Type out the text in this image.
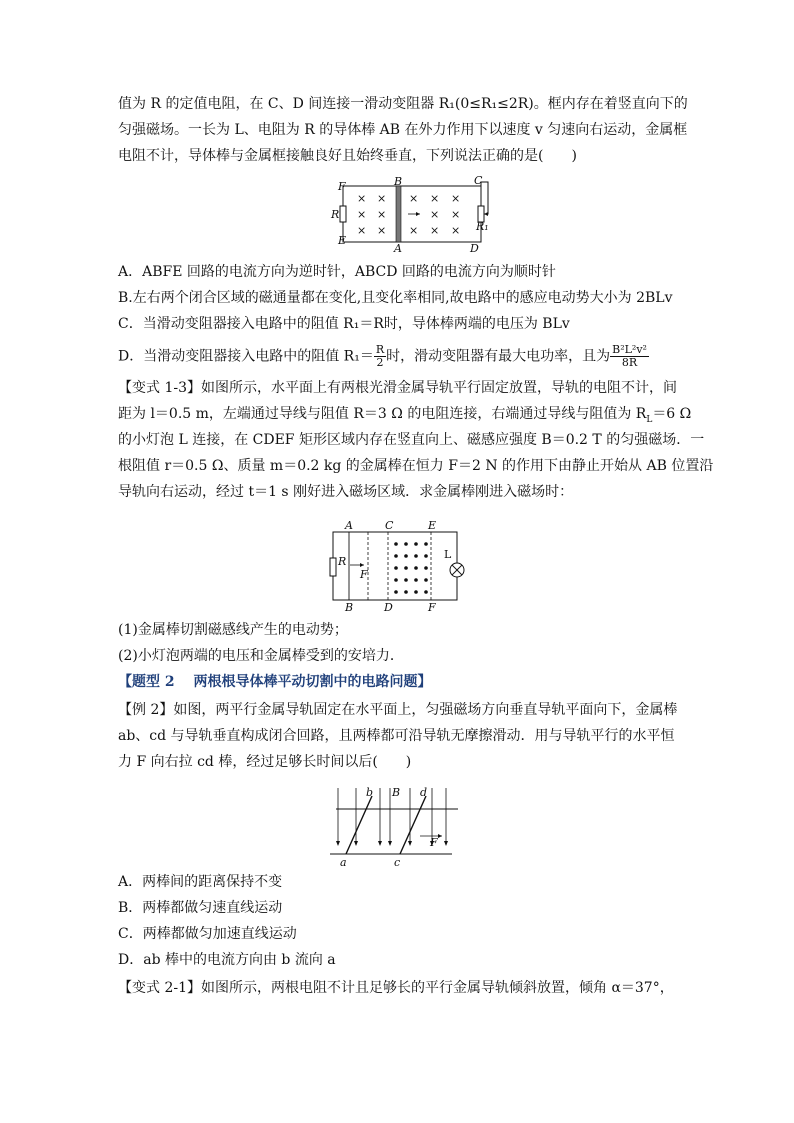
值为 R 的定值电阻，在 C、D 间连接一滑动变阻器 R₁(0≤R₁≤2R)。框内存在着竖直向下的
匀强磁场。一长为 L、电阻为 R 的导体棒 AB 在外力作用下以速度 v 匀速向右运动，金属框
电阻不计，导体棒与金属框接触良好且始终垂直，下列说法正确的是(　　)
× × × × ×
× ×	× ×
× × × × ×
F	B	C
E
A	D
R
R₁
A．ABFE 回路的电流方向为逆时针，ABCD 回路的电流方向为顺时针
B.左右两个闭合区域的磁通量都在变化,且变化率相同,故电路中的感应电动势大小为 2BLv
C．当滑动变阻器接入电路中的阻值 R₁＝R时，导体棒两端的电压为 BLv
D．当滑动变阻器接入电路中的阻值 $R_1= \frac{R}{2}$ 时，滑动变阻器有最大电功率，且为 $\frac{\text{B²L²v²}}{8R}$
【变式 1-3】如图所示，水平面上有两根光滑金属导轨平行固定放置，导轨的电阻不计，间
距为 l＝0.5 m，左端通过导线与阻值 R＝3 Ω 的电阻连接，右端通过导线与阻值为 $R_L=6$ Ω
的小灯泡 L 连接，在 CDEF 矩形区域内存在竖直向上、磁感应强度 B＝0.2 T 的匀强磁场．一
根阻值 r＝0.5 Ω、质量 m＝0.2 kg 的金属棒在恒力 F＝2 N 的作用下由静止开始从 AB 位置沿
导轨向右运动，经过 t＝1 s 刚好进入磁场区域．求金属棒刚进入磁场时：
A	C	E
B	D	F
R
F
L
(1)金属棒切割磁感线产生的电动势；
(2)小灯泡两端的电压和金属棒受到的安培力．
【题型 2　 两根根导体棒平动切割中的电路问题】
【例 2】如图，两平行金属导轨固定在水平面上，匀强磁场方向垂直导轨平面向下，金属棒
ab、cd 与导轨垂直构成闭合回路，且两棒都可沿导轨无摩擦滑动．用与导轨平行的水平恒
力 F 向右拉 cd 棒，经过足够长时间以后(　　)
b B d
a	c
F
A．两棒间的距离保持不变
B．两棒都做匀速直线运动
C．两棒都做匀加速直线运动
D．ab 棒中的电流方向由 b 流向 a
【变式 2-1】如图所示，两根电阻不计且足够长的平行金属导轨倾斜放置，倾角 α＝37°，
